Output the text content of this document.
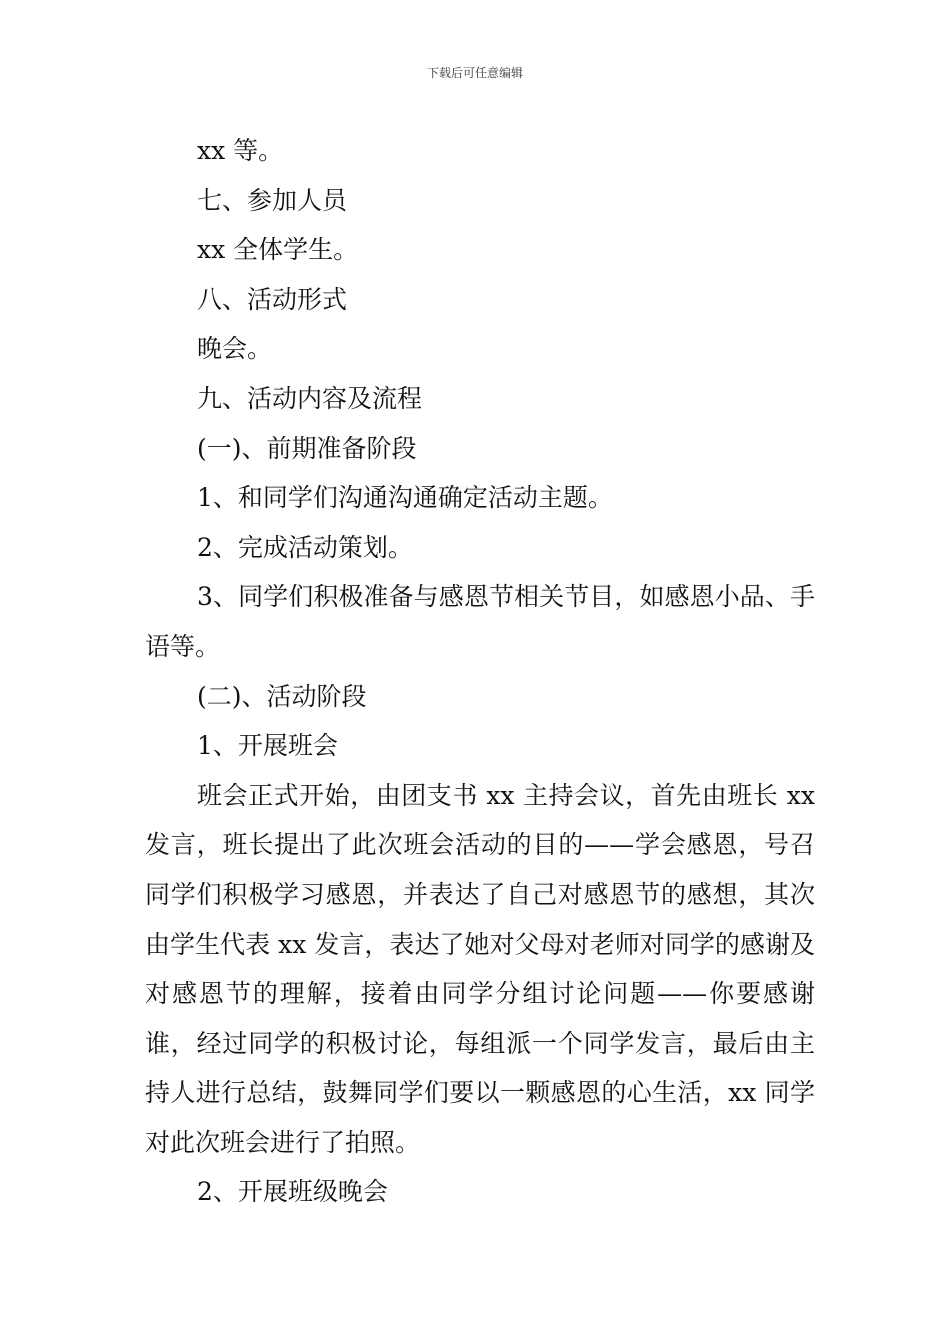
下载后可任意编辑

xx 等。

七、参加人员

xx 全体学生。

八、活动形式

晚会。

九、活动内容及流程

(一)、前期准备阶段

1、和同学们沟通沟通确定活动主题。

2、完成活动策划。

3、同学们积极准备与感恩节相关节目，如感恩小品、手语等。

(二)、活动阶段

1、开展班会

班会正式开始，由团支书 xx 主持会议，首先由班长 xx 发言，班长提出了此次班会活动的目的——学会感恩，号召同学们积极学习感恩，并表达了自己对感恩节的感想，其次由学生代表 xx 发言，表达了她对父母对老师对同学的感谢及对感恩节的理解，接着由同学分组讨论问题——你要感谢谁，经过同学的积极讨论，每组派一个同学发言，最后由主持人进行总结，鼓舞同学们要以一颗感恩的心生活，xx 同学对此次班会进行了拍照。

2、开展班级晚会
